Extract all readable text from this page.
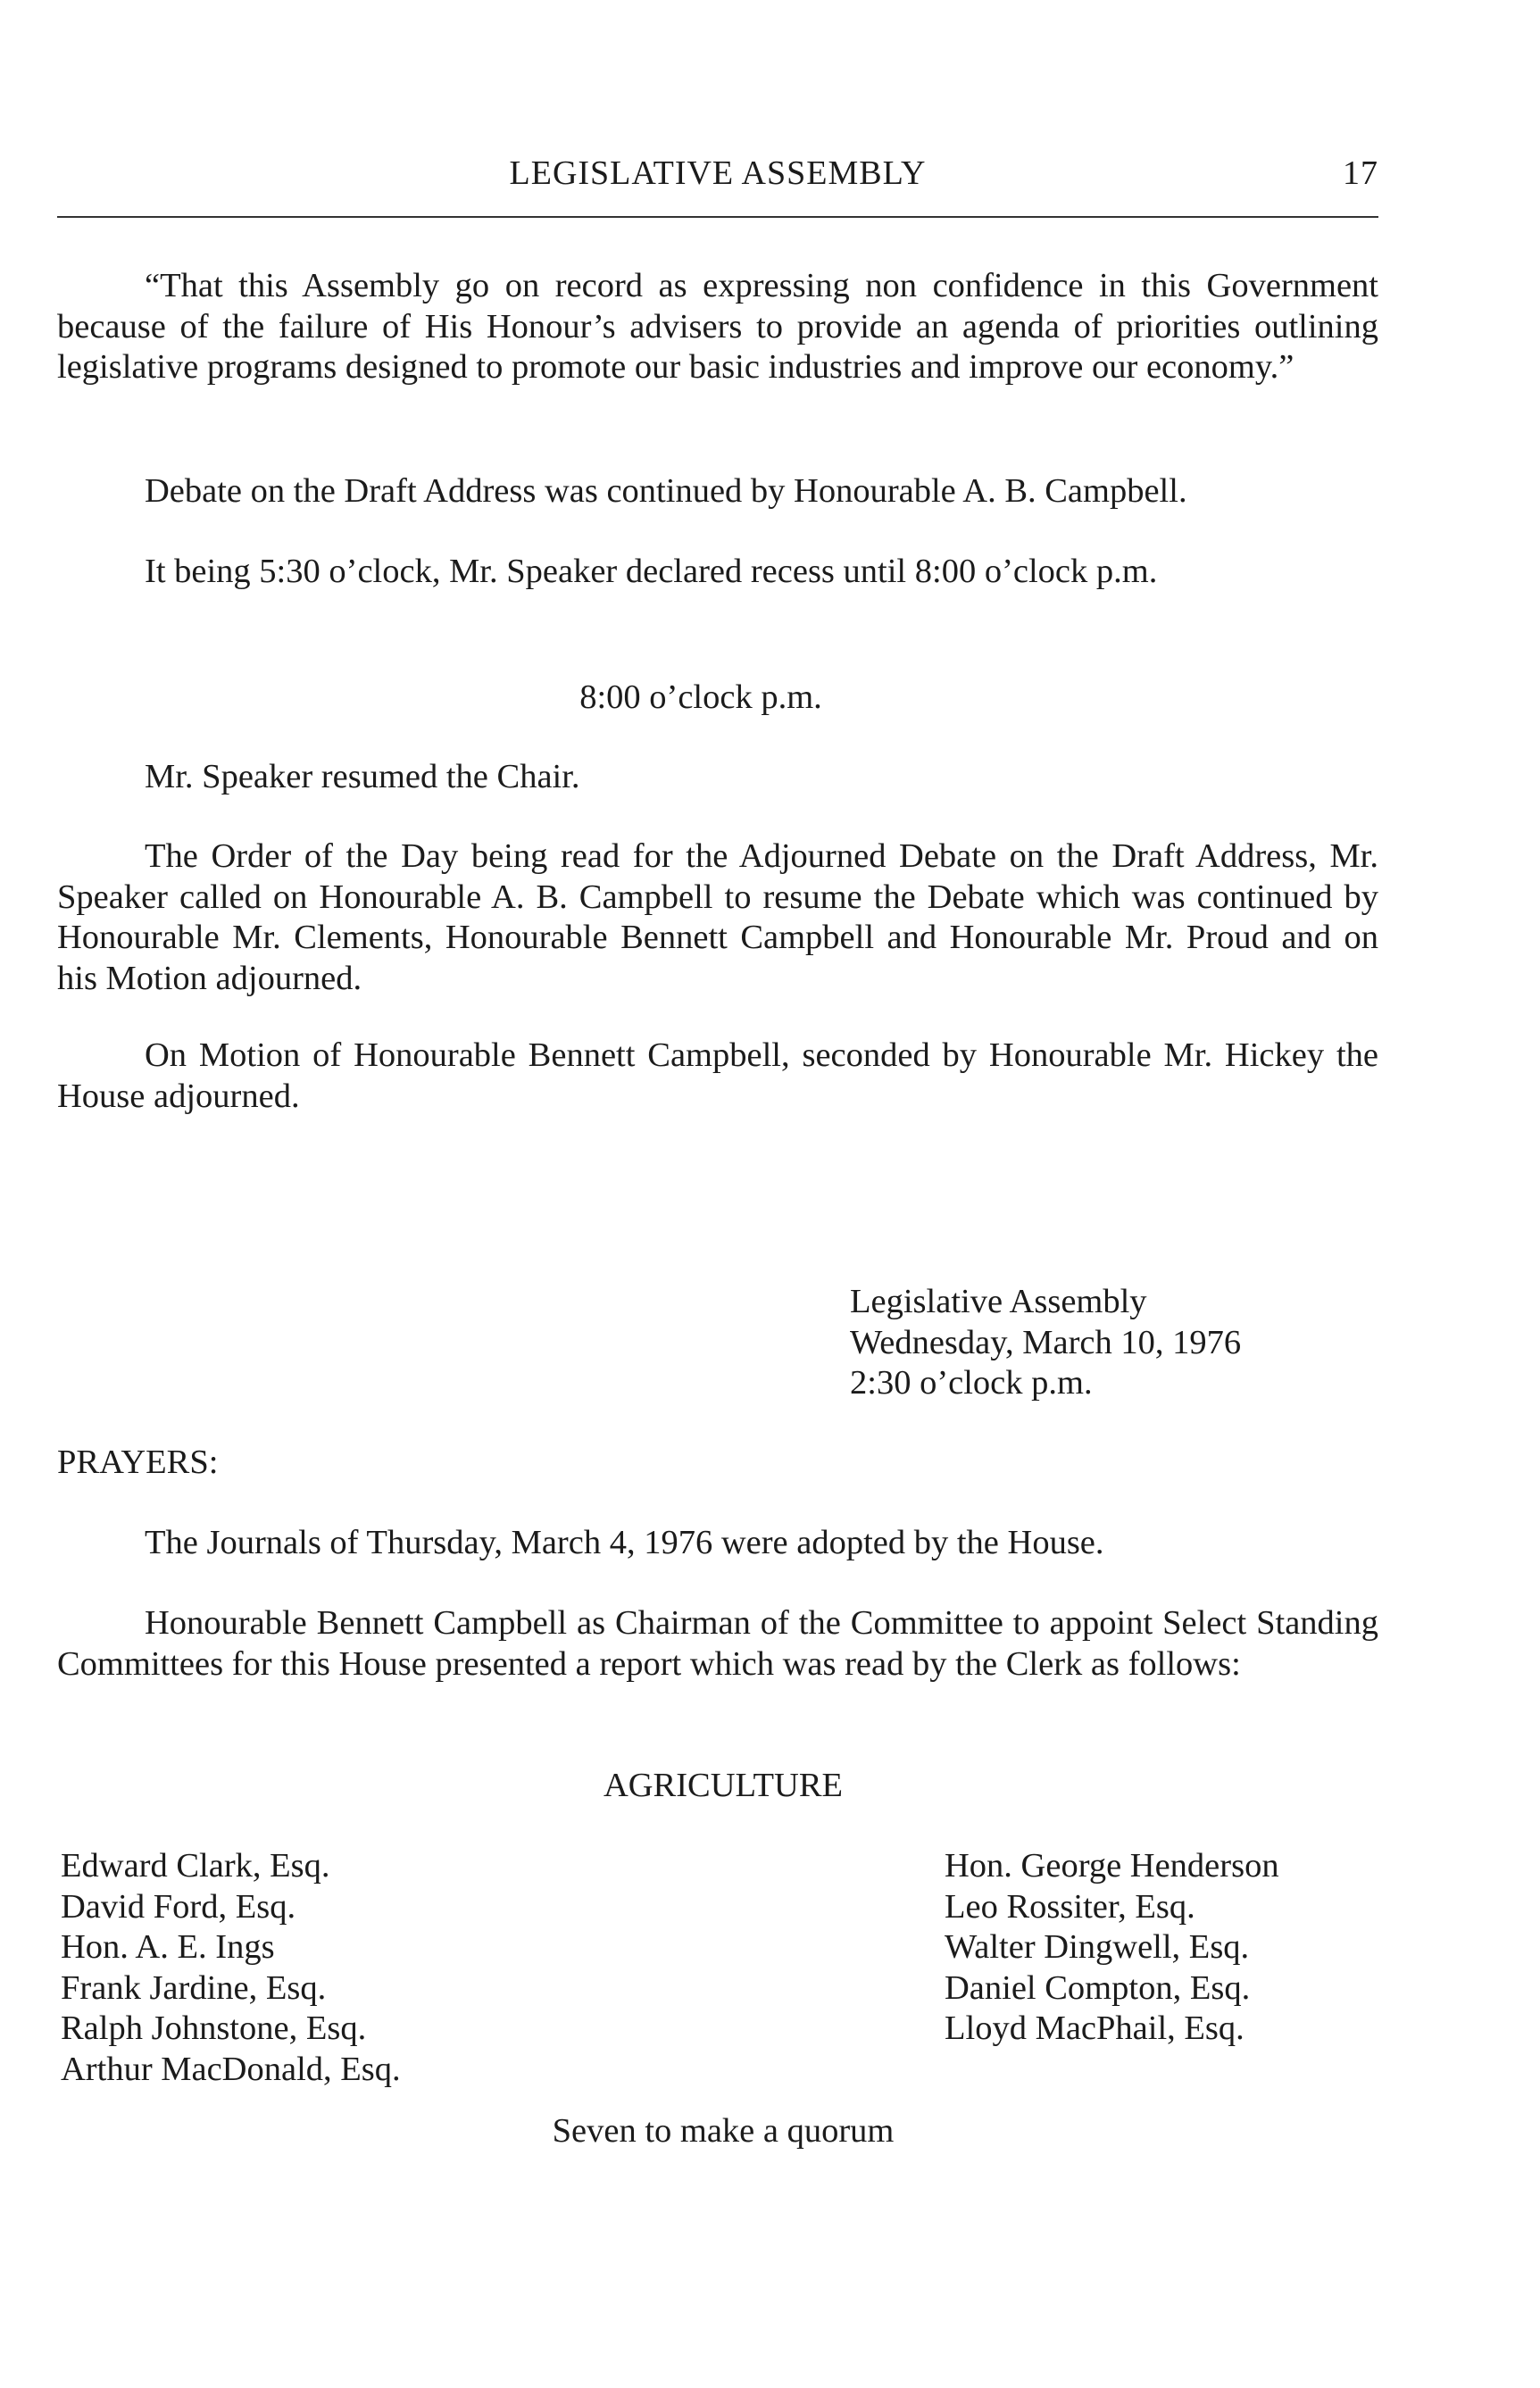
LEGISLATIVE ASSEMBLY	17

“That this Assembly go on record as expressing non confidence in this Government because of the failure of His Honour’s advisers to provide an agenda of priorities outlining legislative programs designed to promote our basic industries and improve our economy.”

Debate on the Draft Address was continued by Honourable A. B. Campbell.

It being 5:30 o’clock, Mr. Speaker declared recess until 8:00 o’clock p.m.

8:00 o’clock p.m.

Mr. Speaker resumed the Chair.

The Order of the Day being read for the Adjourned Debate on the Draft Address, Mr. Speaker called on Honourable A. B. Campbell to resume the Debate which was continued by Honourable Mr. Clements, Honourable Bennett Campbell and Honourable Mr. Proud and on his Motion adjourned.

On Motion of Honourable Bennett Campbell, seconded by Honourable Mr. Hickey the House adjourned.

Legislative Assembly
Wednesday, March 10, 1976
2:30 o’clock p.m.

PRAYERS:

The Journals of Thursday, March 4, 1976 were adopted by the House.

Honourable Bennett Campbell as Chairman of the Committee to appoint Select Standing Committees for this House presented a report which was read by the Clerk as follows:

AGRICULTURE

Edward Clark, Esq.
David Ford, Esq.
Hon. A. E. Ings
Frank Jardine, Esq.
Ralph Johnstone, Esq.
Arthur MacDonald, Esq.
Hon. George Henderson
Leo Rossiter, Esq.
Walter Dingwell, Esq.
Daniel Compton, Esq.
Lloyd MacPhail, Esq.

Seven to make a quorum
